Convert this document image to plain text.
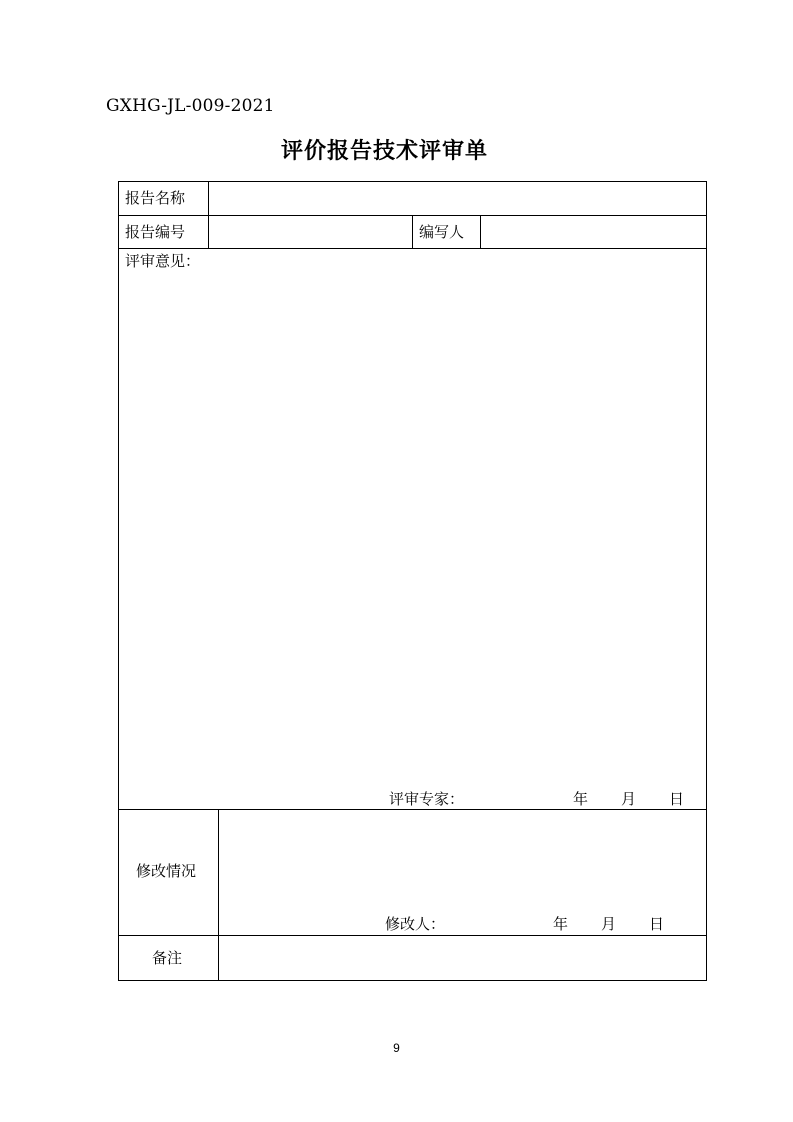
GXHG-JL-009-2021
评价报告技术评审单
报告名称
报告编号	编写人
评审意见：
评审专家：	年 月 日
修改情况
修改人：	年 月 日
备注
9
